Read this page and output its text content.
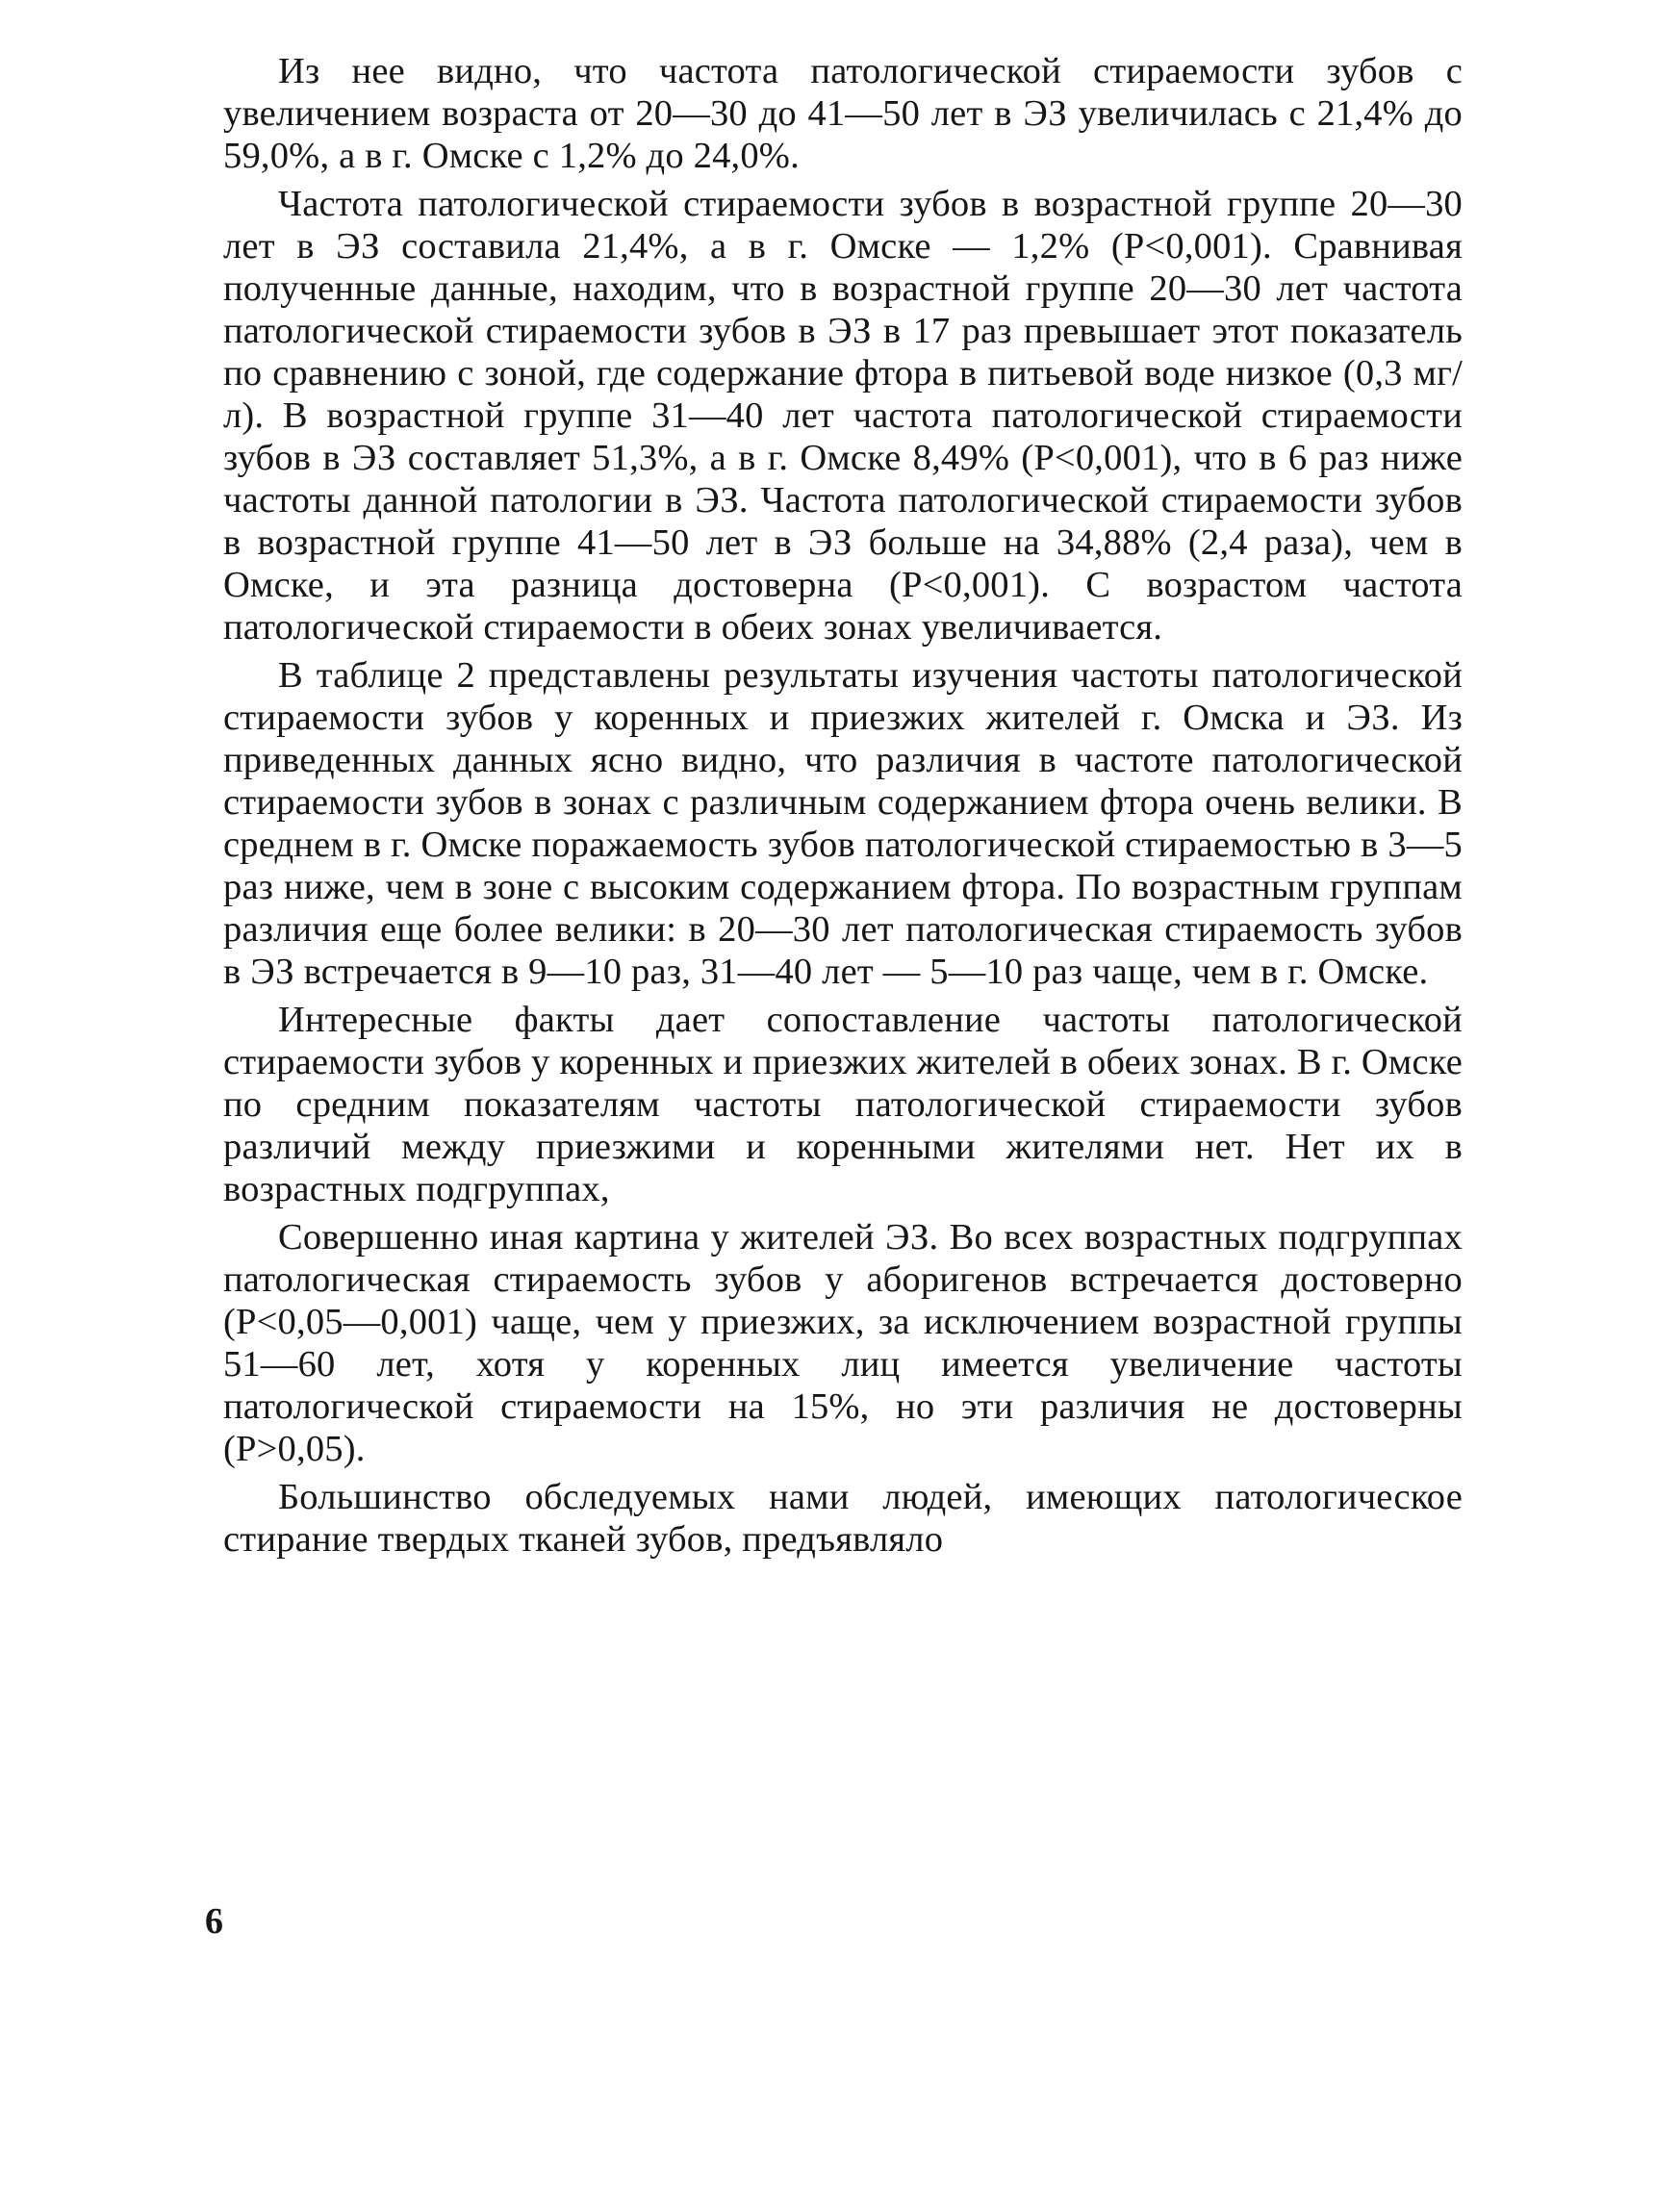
Из нее видно, что частота патологической стираемости зубов с увеличением возраста от 20—30 до 41—50 лет в ЭЗ увеличилась с 21,4% до 59,0%, а в г. Омске с 1,2% до 24,0%.

Частота патологической стираемости зубов в возрастной группе 20—30 лет в ЭЗ составила 21,4%, а в г. Омске — 1,2% (Р<0,001). Сравнивая полученные данные, находим, что в возрастной группе 20—30 лет частота патологической стираемости зубов в ЭЗ в 17 раз превышает этот показатель по сравнению с зоной, где содержание фтора в питьевой воде низкое (0,3 мг/л). В возрастной группе 31—40 лет частота патологической стираемости зубов в ЭЗ составляет 51,3%, а в г. Омске 8,49% (Р<0,001), что в 6 раз ниже частоты данной патологии в ЭЗ. Частота патологической стираемости зубов в возрастной группе 41—50 лет в ЭЗ больше на 34,88% (2,4 раза), чем в Омске, и эта разница достоверна (Р<0,001). С возрастом частота патологической стираемости в обеих зонах увеличивается.

В таблице 2 представлены результаты изучения частоты патологической стираемости зубов у коренных и приезжих жителей г. Омска и ЭЗ. Из приведенных данных ясно видно, что различия в частоте патологической стираемости зубов в зонах с различным содержанием фтора очень велики. В среднем в г. Омске поражаемость зубов патологической стираемостью в 3—5 раз ниже, чем в зоне с высоким содержанием фтора. По возрастным группам различия еще более велики: в 20—30 лет патологическая стираемость зубов в ЭЗ встречается в 9—10 раз, 31—40 лет — 5—10 раз чаще, чем в г. Омске.

Интересные факты дает сопоставление частоты патологической стираемости зубов у коренных и приезжих жителей в обеих зонах. В г. Омске по средним показателям частоты патологической стираемости зубов различий между приезжими и коренными жителями нет. Нет их в возрастных подгруппах,

Совершенно иная картина у жителей ЭЗ. Во всех возрастных подгруппах патологическая стираемость зубов у аборигенов встречается достоверно (Р<0,05—0,001) чаще, чем у приезжих, за исключением возрастной группы 51—60 лет, хотя у коренных лиц имеется увеличение частоты патологической стираемости на 15%, но эти различия не достоверны (Р>0,05).

Большинство обследуемых нами людей, имеющих патологическое стирание твердых тканей зубов, предъявляло

6
